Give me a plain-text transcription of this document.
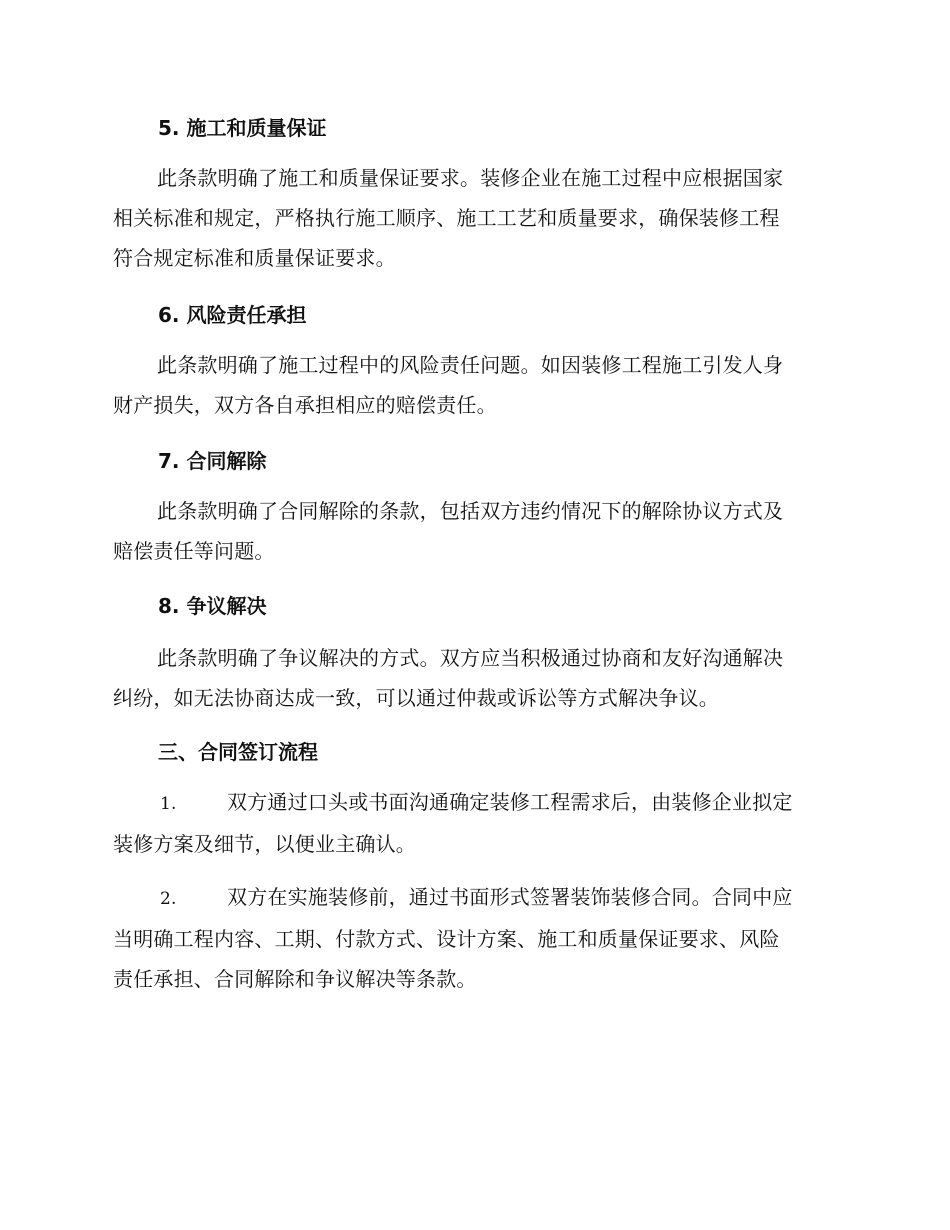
5. 施工和质量保证
此条款明确了施工和质量保证要求。装修企业在施工过程中应根据国家
相关标准和规定，严格执行施工顺序、施工工艺和质量要求，确保装修工程
符合规定标准和质量保证要求。
6. 风险责任承担
此条款明确了施工过程中的风险责任问题。如因装修工程施工引发人身
财产损失，双方各自承担相应的赔偿责任。
7. 合同解除
此条款明确了合同解除的条款，包括双方违约情况下的解除协议方式及
赔偿责任等问题。
8. 争议解决
此条款明确了争议解决的方式。双方应当积极通过协商和友好沟通解决
纠纷，如无法协商达成一致，可以通过仲裁或诉讼等方式解决争议。
三、合同签订流程
1.	双方通过口头或书面沟通确定装修工程需求后，由装修企业拟定
装修方案及细节，以便业主确认。
2.	双方在实施装修前，通过书面形式签署装饰装修合同。合同中应
当明确工程内容、工期、付款方式、设计方案、施工和质量保证要求、风险
责任承担、合同解除和争议解决等条款。
